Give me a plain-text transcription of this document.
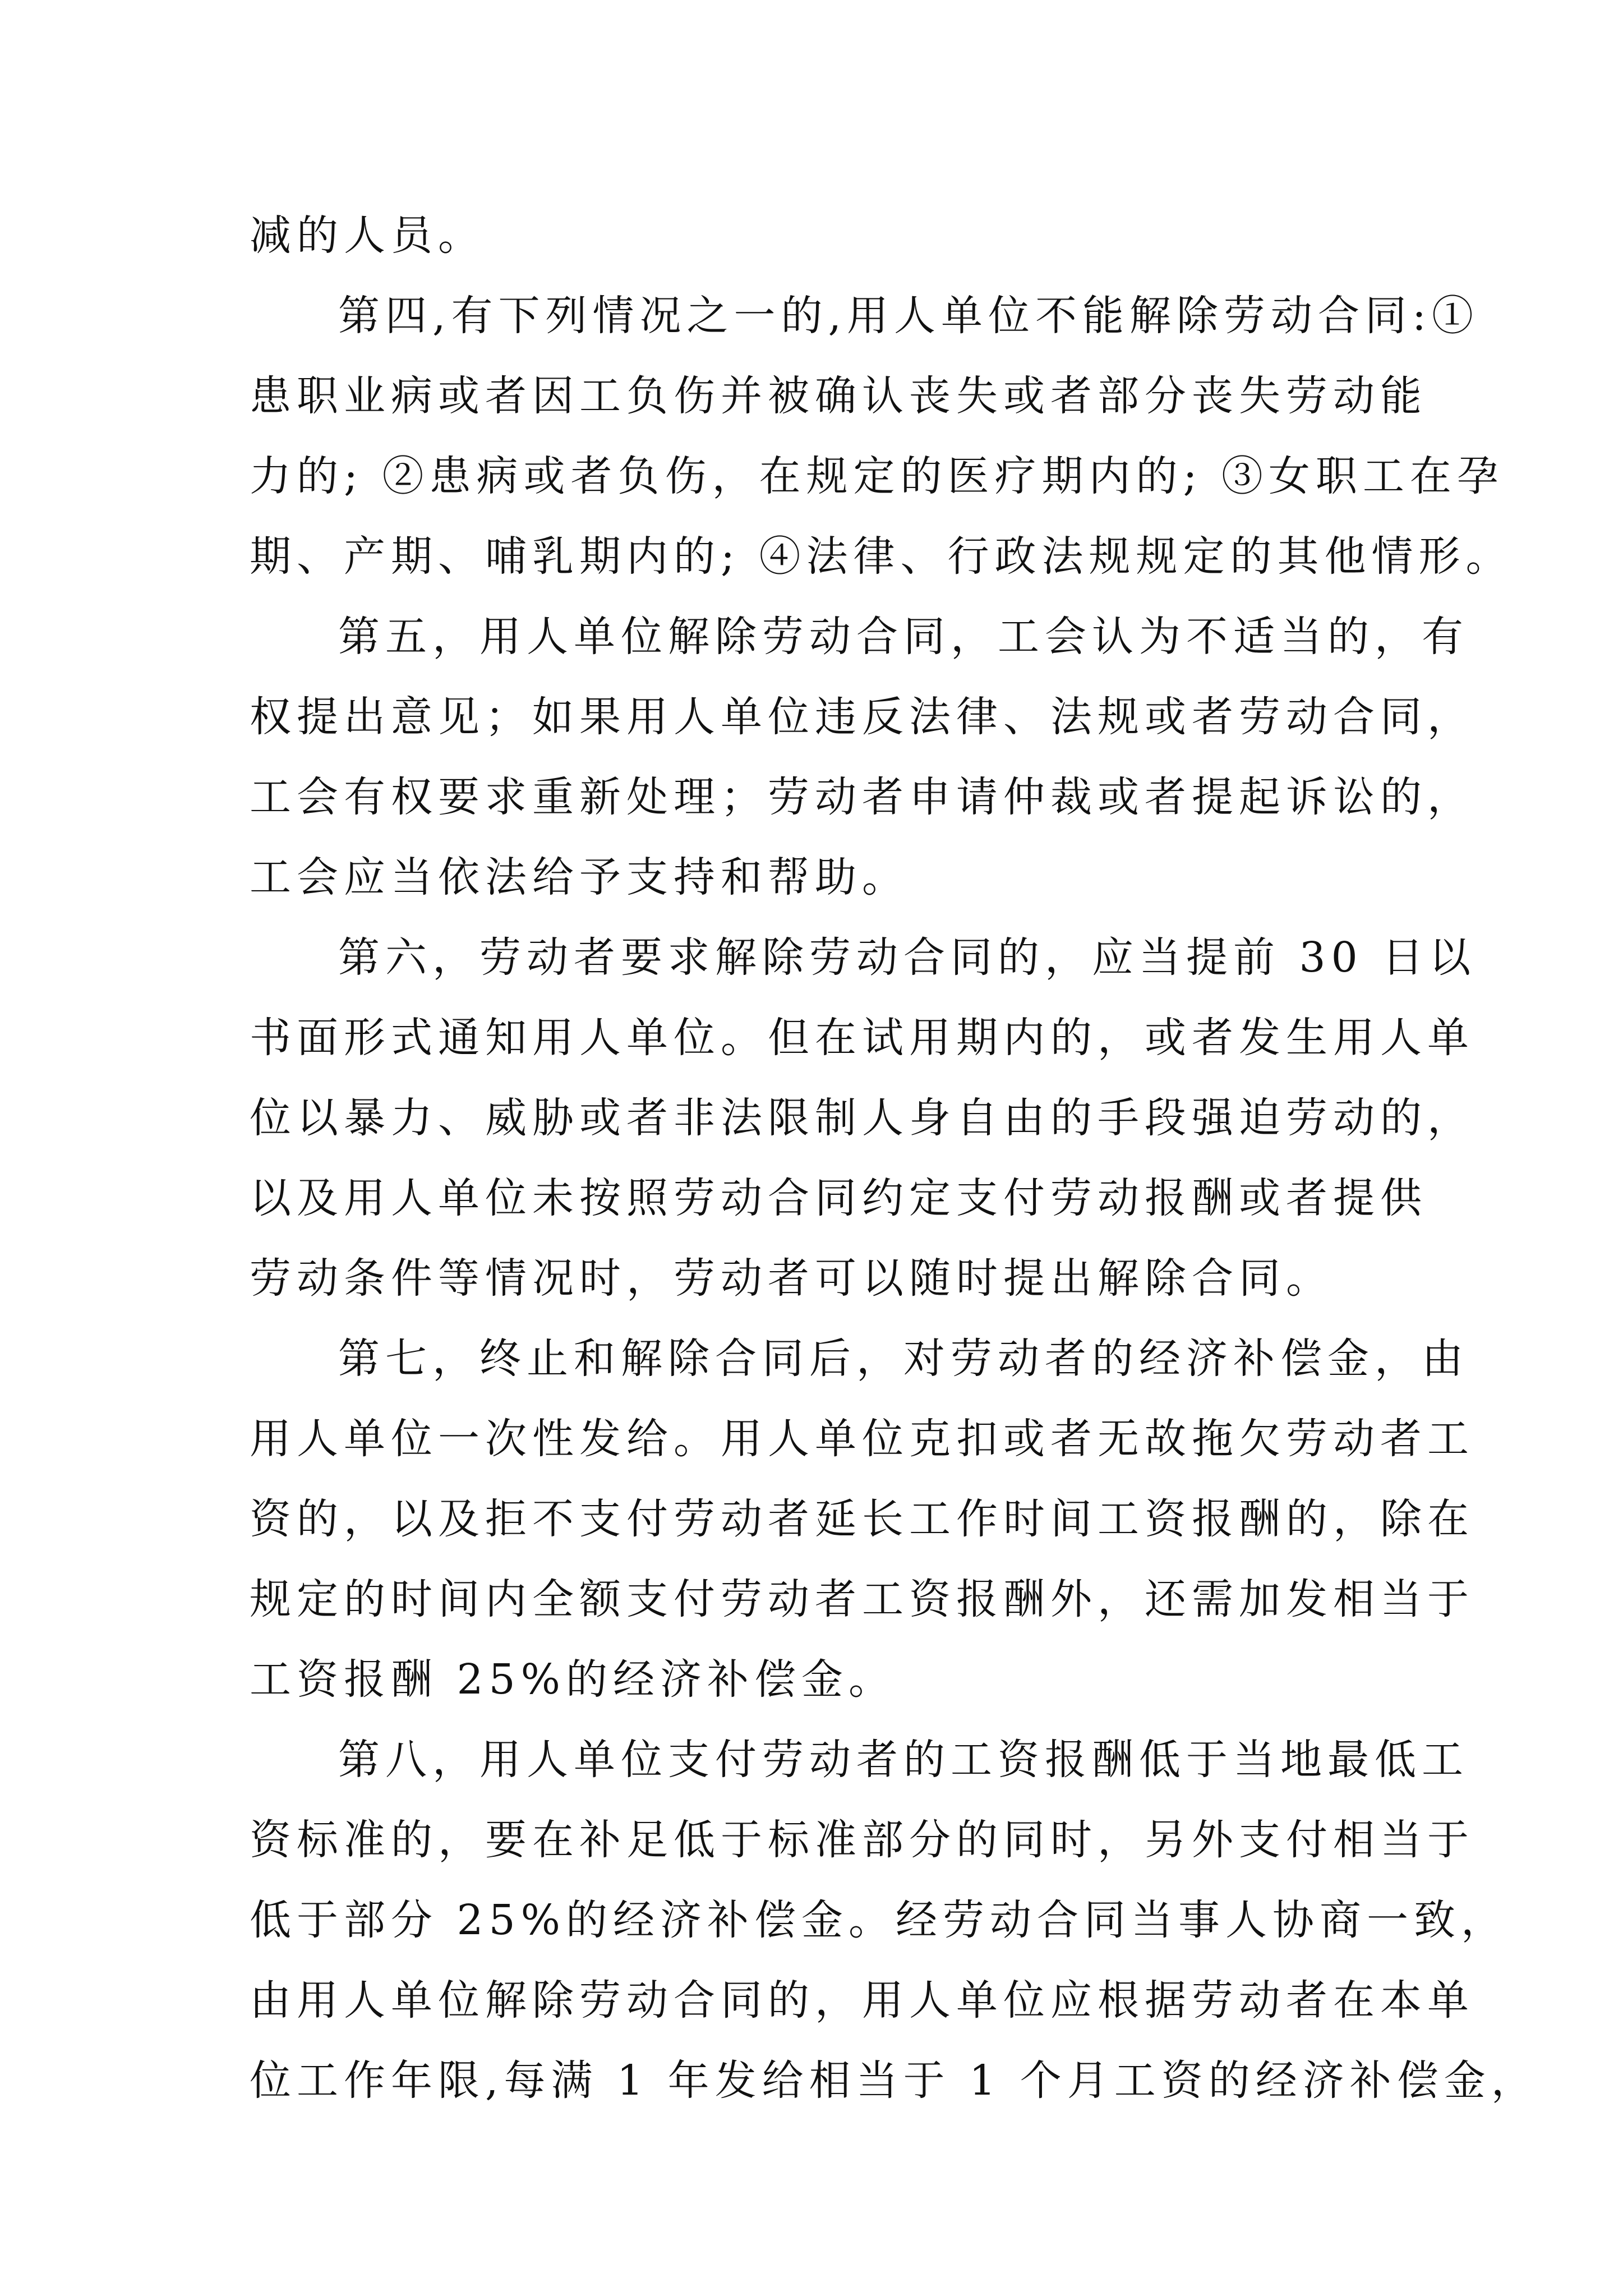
减的人员。
第四,有下列情况之一的,用人单位不能解除劳动合同:①
患职业病或者因工负伤并被确认丧失或者部分丧失劳动能
力的; ②患病或者负伤，在规定的医疗期内的; ③女职工在孕
期、产期、哺乳期内的; ④法律、行政法规规定的其他情形。
第五，用人单位解除劳动合同，工会认为不适当的，有
权提出意见；如果用人单位违反法律、法规或者劳动合同，
工会有权要求重新处理；劳动者申请仲裁或者提起诉讼的，
工会应当依法给予支持和帮助。
第六，劳动者要求解除劳动合同的，应当提前 30 日以
书面形式通知用人单位。但在试用期内的，或者发生用人单
位以暴力、威胁或者非法限制人身自由的手段强迫劳动的，
以及用人单位未按照劳动合同约定支付劳动报酬或者提供
劳动条件等情况时，劳动者可以随时提出解除合同。
第七，终止和解除合同后，对劳动者的经济补偿金，由
用人单位一次性发给。用人单位克扣或者无故拖欠劳动者工
资的，以及拒不支付劳动者延长工作时间工资报酬的，除在
规定的时间内全额支付劳动者工资报酬外，还需加发相当于
工资报酬 25%的经济补偿金。
第八，用人单位支付劳动者的工资报酬低于当地最低工
资标准的，要在补足低于标准部分的同时，另外支付相当于
低于部分 25%的经济补偿金。经劳动合同当事人协商一致，
由用人单位解除劳动合同的，用人单位应根据劳动者在本单
位工作年限,每满 1 年发给相当于 1 个月工资的经济补偿金，
